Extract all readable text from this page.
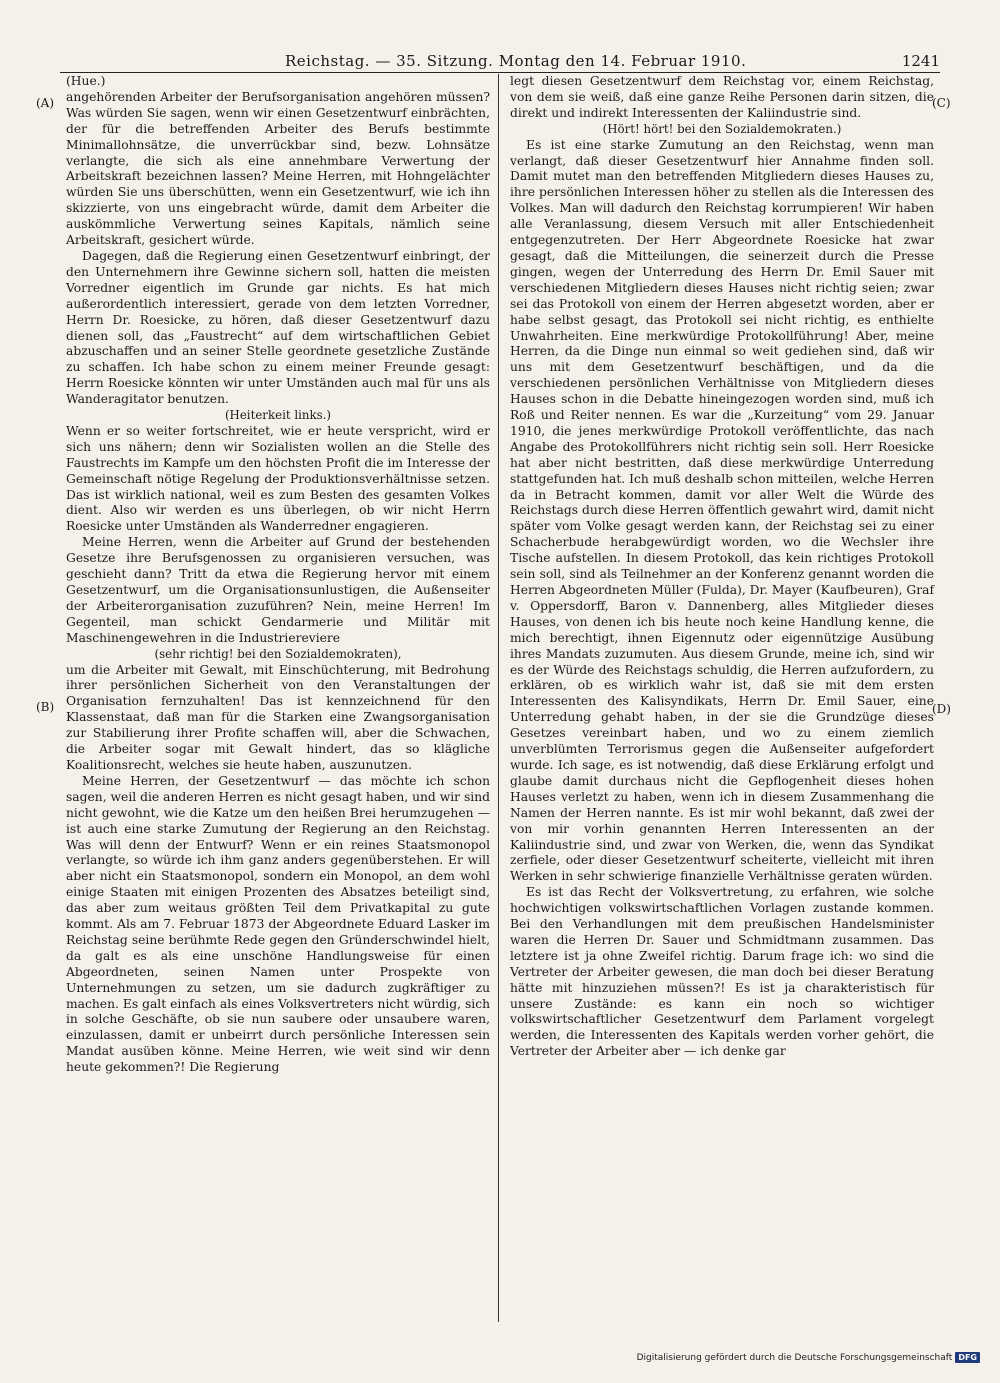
Reichstag. — 35. Sitzung. Montag den 14. Februar 1910.	1241
(A)
(B)
(C)
(D)
(Hue.)

angehörenden Arbeiter der Berufsorganisation angehören müssen? Was würden Sie sagen, wenn wir einen Gesetzentwurf einbrächten, der für die betreffenden Arbeiter des Berufs bestimmte Minimallohnsätze, die unverrückbar sind, bezw. Lohnsätze verlangte, die sich als eine annehmbare Verwertung der Arbeitskraft bezeichnen lassen? Meine Herren, mit Hohngelächter würden Sie uns überschütten, wenn ein Gesetzentwurf, wie ich ihn skizzierte, von uns eingebracht würde, damit dem Arbeiter die auskömmliche Verwertung seines Kapitals, nämlich seine Arbeitskraft, gesichert würde.

Dagegen, daß die Regierung einen Gesetzentwurf einbringt, der den Unternehmern ihre Gewinne sichern soll, hatten die meisten Vorredner eigentlich im Grunde gar nichts. Es hat mich außerordentlich interessiert, gerade von dem letzten Vorredner, Herrn Dr. Roesicke, zu hören, daß dieser Gesetzentwurf dazu dienen soll, das „Faustrecht“ auf dem wirtschaftlichen Gebiet abzuschaffen und an seiner Stelle geordnete gesetzliche Zustände zu schaffen. Ich habe schon zu einem meiner Freunde gesagt: Herrn Roesicke könnten wir unter Umständen auch mal für uns als Wanderagitator benutzen.

(Heiterkeit links.)

Wenn er so weiter fortschreitet, wie er heute verspricht, wird er sich uns nähern; denn wir Sozialisten wollen an die Stelle des Faustrechts im Kampfe um den höchsten Profit die im Interesse der Gemeinschaft nötige Regelung der Produktionsverhältnisse setzen. Das ist wirklich national, weil es zum Besten des gesamten Volkes dient. Also wir werden es uns überlegen, ob wir nicht Herrn Roesicke unter Umständen als Wanderredner engagieren.

Meine Herren, wenn die Arbeiter auf Grund der bestehenden Gesetze ihre Berufsgenossen zu organisieren versuchen, was geschieht dann? Tritt da etwa die Regierung hervor mit einem Gesetzentwurf, um die Organisationsunlustigen, die Außenseiter der Arbeiterorganisation zuzuführen? Nein, meine Herren! Im Gegenteil, man schickt Gendarmerie und Militär mit Maschinengewehren in die Industriereviere

(sehr richtig! bei den Sozialdemokraten),

um die Arbeiter mit Gewalt, mit Einschüchterung, mit Bedrohung ihrer persönlichen Sicherheit von den Veranstaltungen der Organisation fernzuhalten! Das ist kennzeichnend für den Klassenstaat, daß man für die Starken eine Zwangsorganisation zur Stabilierung ihrer Profite schaffen will, aber die Schwachen, die Arbeiter sogar mit Gewalt hindert, das so klägliche Koalitionsrecht, welches sie heute haben, auszunutzen.

Meine Herren, der Gesetzentwurf — das möchte ich schon sagen, weil die anderen Herren es nicht gesagt haben, und wir sind nicht gewohnt, wie die Katze um den heißen Brei herumzugehen — ist auch eine starke Zumutung der Regierung an den Reichstag. Was will denn der Entwurf? Wenn er ein reines Staatsmonopol verlangte, so würde ich ihm ganz anders gegenüberstehen. Er will aber nicht ein Staatsmonopol, sondern ein Monopol, an dem wohl einige Staaten mit einigen Prozenten des Absatzes beteiligt sind, das aber zum weitaus größten Teil dem Privatkapital zu gute kommt. Als am 7. Februar 1873 der Abgeordnete Eduard Lasker im Reichstag seine berühmte Rede gegen den Gründerschwindel hielt, da galt es als eine unschöne Handlungsweise für einen Abgeordneten, seinen Namen unter Prospekte von Unternehmungen zu setzen, um sie dadurch zugkräftiger zu machen. Es galt einfach als eines Volksvertreters nicht würdig, sich in solche Geschäfte, ob sie nun saubere oder unsaubere waren, einzulassen, damit er unbeirrt durch persönliche Interessen sein Mandat ausüben könne. Meine Herren, wie weit sind wir denn heute gekommen?! Die Regierung

legt diesen Gesetzentwurf dem Reichstag vor, einem Reichstag, von dem sie weiß, daß eine ganze Reihe Personen darin sitzen, die direkt und indirekt Interessenten der Kaliindustrie sind.

(Hört! hört! bei den Sozialdemokraten.)

Es ist eine starke Zumutung an den Reichstag, wenn man verlangt, daß dieser Gesetzentwurf hier Annahme finden soll. Damit mutet man den betreffenden Mitgliedern dieses Hauses zu, ihre persönlichen Interessen höher zu stellen als die Interessen des Volkes. Man will dadurch den Reichstag korrumpieren! Wir haben alle Veranlassung, diesem Versuch mit aller Entschiedenheit entgegenzutreten. Der Herr Abgeordnete Roesicke hat zwar gesagt, daß die Mitteilungen, die seinerzeit durch die Presse gingen, wegen der Unterredung des Herrn Dr. Emil Sauer mit verschiedenen Mitgliedern dieses Hauses nicht richtig seien; zwar sei das Protokoll von einem der Herren abgesetzt worden, aber er habe selbst gesagt, das Protokoll sei nicht richtig, es enthielte Unwahrheiten. Eine merkwürdige Protokollführung! Aber, meine Herren, da die Dinge nun einmal so weit gediehen sind, daß wir uns mit dem Gesetzentwurf beschäftigen, und da die verschiedenen persönlichen Verhältnisse von Mitgliedern dieses Hauses schon in die Debatte hineingezogen worden sind, muß ich Roß und Reiter nennen. Es war die „Kurzeitung“ vom 29. Januar 1910, die jenes merkwürdige Protokoll veröffentlichte, das nach Angabe des Protokollführers nicht richtig sein soll. Herr Roesicke hat aber nicht bestritten, daß diese merkwürdige Unterredung stattgefunden hat. Ich muß deshalb schon mitteilen, welche Herren da in Betracht kommen, damit vor aller Welt die Würde des Reichstags durch diese Herren öffentlich gewahrt wird, damit nicht später vom Volke gesagt werden kann, der Reichstag sei zu einer Schacherbude herabgewürdigt worden, wo die Wechsler ihre Tische aufstellen. In diesem Protokoll, das kein richtiges Protokoll sein soll, sind als Teilnehmer an der Konferenz genannt worden die Herren Abgeordneten Müller (Fulda), Dr. Mayer (Kaufbeuren), Graf v. Oppersdorff, Baron v. Dannenberg, alles Mitglieder dieses Hauses, von denen ich bis heute noch keine Handlung kenne, die mich berechtigt, ihnen Eigennutz oder eigennützige Ausübung ihres Mandats zuzumuten. Aus diesem Grunde, meine ich, sind wir es der Würde des Reichstags schuldig, die Herren aufzufordern, zu erklären, ob es wirklich wahr ist, daß sie mit dem ersten Interessenten des Kalisyndikats, Herrn Dr. Emil Sauer, eine Unterredung gehabt haben, in der sie die Grundzüge dieses Gesetzes vereinbart haben, und wo zu einem ziemlich unverblümten Terrorismus gegen die Außenseiter aufgefordert wurde. Ich sage, es ist notwendig, daß diese Erklärung erfolgt und glaube damit durchaus nicht die Gepflogenheit dieses hohen Hauses verletzt zu haben, wenn ich in diesem Zusammenhang die Namen der Herren nannte. Es ist mir wohl bekannt, daß zwei der von mir vorhin genannten Herren Interessenten an der Kaliindustrie sind, und zwar von Werken, die, wenn das Syndikat zerfiele, oder dieser Gesetzentwurf scheiterte, vielleicht mit ihren Werken in sehr schwierige finanzielle Verhältnisse geraten würden.

Es ist das Recht der Volksvertretung, zu erfahren, wie solche hochwichtigen volkswirtschaftlichen Vorlagen zustande kommen. Bei den Verhandlungen mit dem preußischen Handelsminister waren die Herren Dr. Sauer und Schmidtmann zusammen. Das letztere ist ja ohne Zweifel richtig. Darum frage ich: wo sind die Vertreter der Arbeiter gewesen, die man doch bei dieser Beratung hätte mit hinzuziehen müssen?! Es ist ja charakteristisch für unsere Zustände: es kann ein noch so wichtiger volkswirtschaftlicher Gesetzentwurf dem Parlament vorgelegt werden, die Interessenten des Kapitals werden vorher gehört, die Vertreter der Arbeiter aber — ich denke gar

Digitalisierung gefördert durch die Deutsche Forschungsgemeinschaft DFG
